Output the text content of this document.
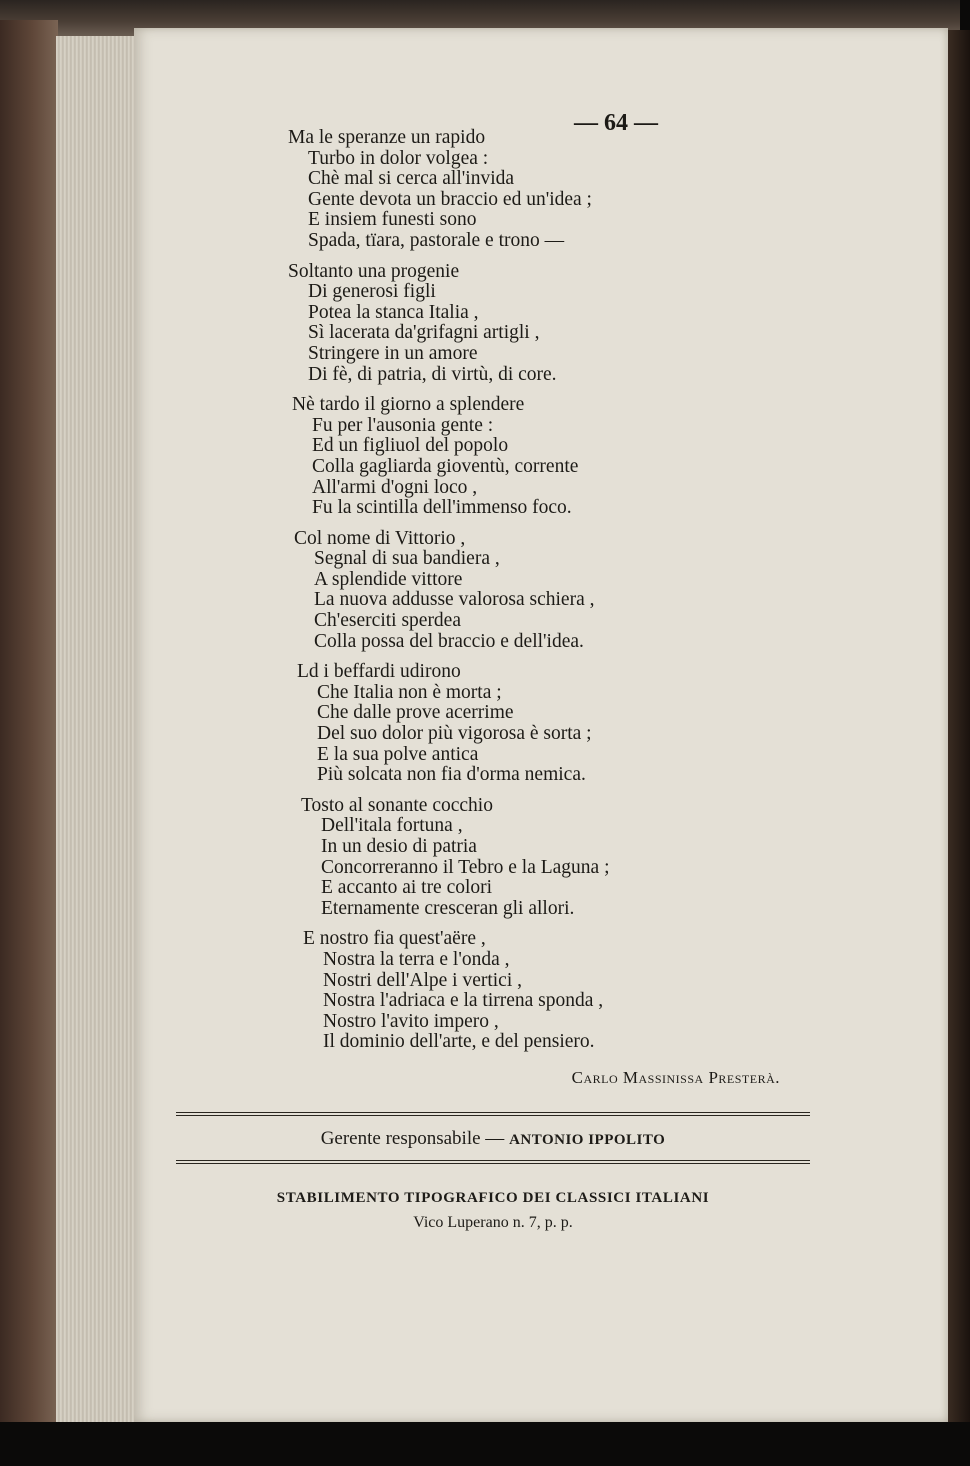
— 64 —
Ma le speranze un rapido
Turbo in dolor volgea :
Chè mal si cerca all'invida
Gente devota un braccio ed un'idea ;
E insiem funesti sono
Spada, tïara, pastorale e trono —
Soltanto una progenie
Di generosi figli
Potea la stanca Italia ,
Sì lacerata da'grifagni artigli ,
Stringere in un amore
Di fè, di patria, di virtù, di core.
Nè tardo il giorno a splendere
Fu per l'ausonia gente :
Ed un figliuol del popolo
Colla gagliarda gioventù, corrente
All'armi d'ogni loco ,
Fu la scintilla dell'immenso foco.
Col nome di Vittorio ,
Segnal di sua bandiera ,
A splendide vittore
La nuova addusse valorosa schiera ,
Ch'eserciti sperdea
Colla possa del braccio e dell'idea.
Ld i beffardi udirono
Che Italia non è morta ;
Che dalle prove acerrime
Del suo dolor più vigorosa è sorta ;
E la sua polve antica
Più solcata non fia d'orma nemica.
Tosto al sonante cocchio
Dell'itala fortuna ,
In un desio di patria
Concorreranno il Tebro e la Laguna ;
E accanto ai tre colori
Eternamente cresceran gli allori.
E nostro fia quest'aëre ,
Nostra la terra e l'onda ,
Nostri dell'Alpe i vertici ,
Nostra l'adriaca e la tirrena sponda ,
Nostro l'avito impero ,
Il dominio dell'arte, e del pensiero.
Carlo Massinissa Presterà.
Gerente responsabile — ANTONIO IPPOLITO
STABILIMENTO TIPOGRAFICO DEI CLASSICI ITALIANI
Vico Luperano n. 7, p. p.
